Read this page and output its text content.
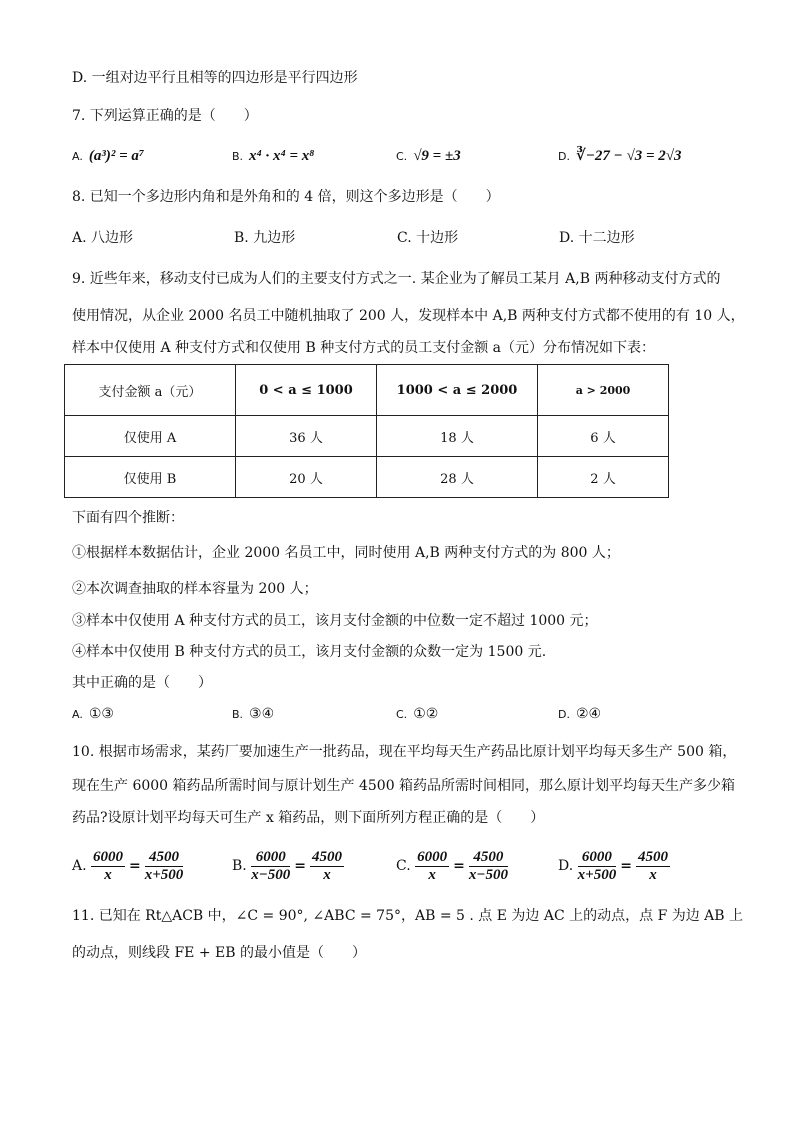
D. 一组对边平行且相等的四边形是平行四边形
7. 下列运算正确的是（　　）
A. (a³)² = a⁷	B. x⁴ · x⁴ = x⁸	C. √9 = ±3	D. ∛−27 − √3 = 2√3
8. 已知一个多边形内角和是外角和的 4 倍，则这个多边形是（　　）
A. 八边形	B. 九边形	C. 十边形	D. 十二边形
9. 近些年来，移动支付已成为人们的主要支付方式之一. 某企业为了解员工某月 A,B 两种移动支付方式的
使用情况，从企业 2000 名员工中随机抽取了 200 人，发现样本中 A,B 两种支付方式都不使用的有 10 人，
样本中仅使用 A 种支付方式和仅使用 B 种支付方式的员工支付金额 a（元）分布情况如下表：
支付金额 a（元）	0 < a ≤ 1000	1000 < a ≤ 2000	a > 2000
仅使用 A	36 人	18 人	6 人
仅使用 B	20 人	28 人	2 人
下面有四个推断：
①根据样本数据估计，企业 2000 名员工中，同时使用 A,B 两种支付方式的为 800 人；
②本次调查抽取的样本容量为 200 人；
③样本中仅使用 A 种支付方式的员工，该月支付金额的中位数一定不超过 1000 元；
④样本中仅使用 B 种支付方式的员工，该月支付金额的众数一定为 1500 元.
其中正确的是（　　）
A. ①③	B. ③④	C. ①②	D. ②④
10. 根据市场需求，某药厂要加速生产一批药品，现在平均每天生产药品比原计划平均每天多生产 500 箱，
现在生产 6000 箱药品所需时间与原计划生产 4500 箱药品所需时间相同，那么原计划平均每天生产多少箱
药品?设原计划平均每天可生产 x 箱药品，则下面所列方程正确的是（　　）
A. $\frac{6000}{x} = \frac{4500}{x+500}$	B. $\frac{6000}{x-500} = \frac{4500}{x}$	C. $\frac{6000}{x} = \frac{4500}{x-500}$	D. $\frac{6000}{x+500} = \frac{4500}{x}$
11. 已知在 Rt△ACB 中，∠C = 90°, ∠ABC = 75°，AB = 5 . 点 E 为边 AC 上的动点，点 F 为边 AB 上
的动点，则线段 FE + EB 的最小值是（　　）
